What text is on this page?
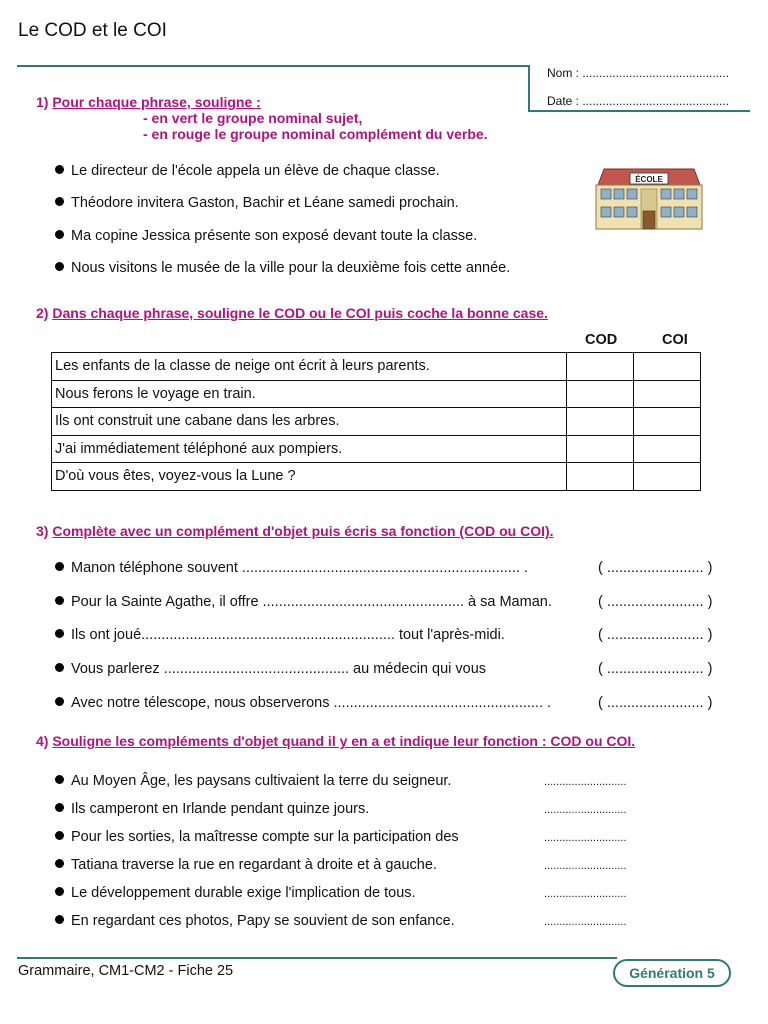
Le COD et le COI
Nom : ............................................
Date : ............................................
1) Pour chaque phrase, souligne :
- en vert le groupe nominal sujet,
- en rouge le groupe nominal complément du verbe.
Le directeur de l'école appela un élève de chaque classe.
Théodore invitera Gaston, Bachir et Léane samedi prochain.
Ma copine Jessica présente son exposé devant toute la classe.
Nous visitons le musée de la ville pour la deuxième fois cette année.
ÉCOLE
2) Dans chaque phrase, souligne le COD ou le COI puis coche la bonne case.
COD	COI
Les enfants de la classe de neige ont écrit à leurs parents.		
Nous ferons le voyage en train.		
Ils ont construit une cabane dans les arbres.		
J'ai immédiatement téléphoné aux pompiers.		
D'où vous êtes, voyez-vous la Lune ?		
3) Complète avec un complément d'objet puis écris sa fonction (COD ou COI).
Manon téléphone souvent ..................................................................... .	( ........................ )
Pour la Sainte Agathe, il offre .................................................. à sa Maman.	( ........................ )
Ils ont joué............................................................... tout l'après-midi.	( ........................ )
Vous parlerez .............................................. au médecin qui vous	( ........................ )
Avec notre télescope, nous observerons .................................................... .	( ........................ )
4) Souligne les compléments d'objet quand il y en a et indique leur fonction : COD ou COI.
Au Moyen Âge, les paysans cultivaient la terre du seigneur.	...........................
Ils camperont en Irlande pendant quinze jours.	...........................
Pour les sorties, la maîtresse compte sur la participation des	...........................
Tatiana traverse la rue en regardant à droite et à gauche.	...........................
Le développement durable exige l'implication de tous.	...........................
En regardant ces photos, Papy se souvient de son enfance.	...........................
Grammaire, CM1-CM2 - Fiche 25	Génération 5
